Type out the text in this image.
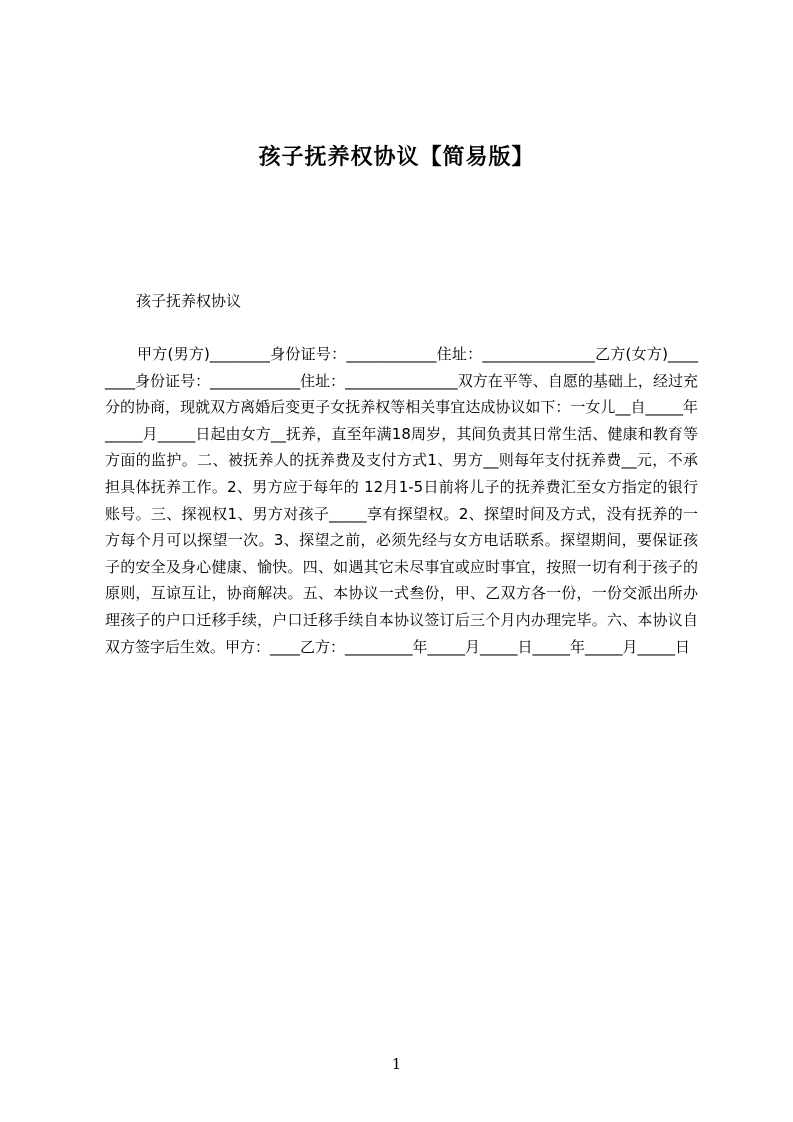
孩子抚养权协议【简易版】
孩子抚养权协议
甲方(男方)________身份证号：____________住址：_______________乙方(女方)________身份证号：____________住址：_______________双方在平等、自愿的基础上，经过充分的协商，现就双方离婚后变更子女抚养权等相关事宜达成协议如下：一女儿__自_____年_____月_____日起由女方__抚养，直至年满18周岁，其间负责其日常生活、健康和教育等方面的监护。二、被抚养人的抚养费及支付方式1、男方__则每年支付抚养费__元，不承担具体抚养工作。2、男方应于每年的 12月1-5日前将儿子的抚养费汇至女方指定的银行账号。三、探视权1、男方对孩子_____享有探望权。2、探望时间及方式，没有抚养的一方每个月可以探望一次。3、探望之前，必须先经与女方电话联系。探望期间，要保证孩子的安全及身心健康、愉快。四、如遇其它未尽事宜或应时事宜，按照一切有利于孩子的原则，互谅互让，协商解决。五、本协议一式叁份，甲、乙双方各一份，一份交派出所办理孩子的户口迁移手续，户口迁移手续自本协议签订后三个月内办理完毕。六、本协议自双方签字后生效。甲方：____乙方：_________年_____月_____日_____年_____月_____日
1
